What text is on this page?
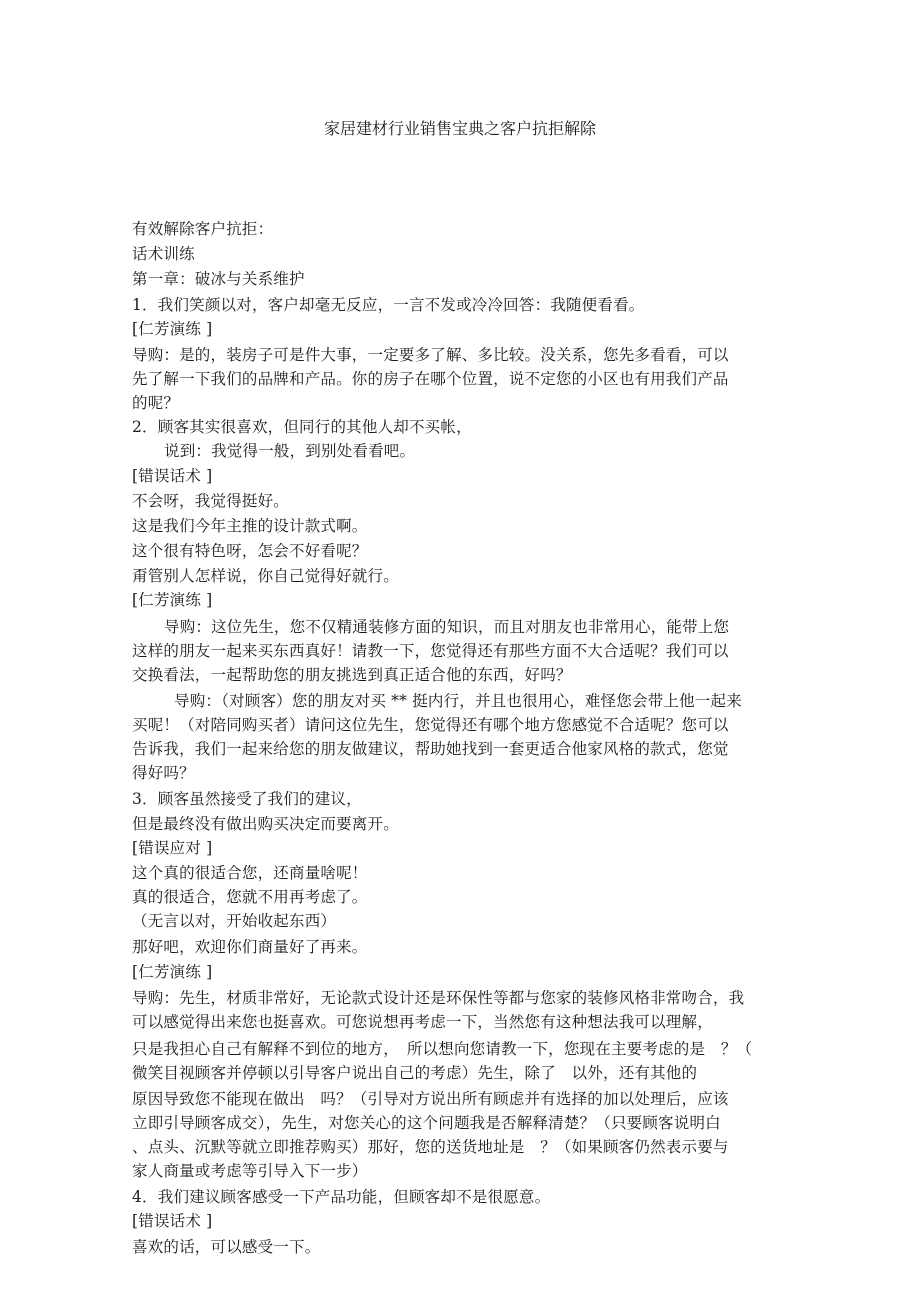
家居建材行业销售宝典之客户抗拒解除
有效解除客户抗拒：
话术训练
第一章：破冰与关系维护
1．我们笑颜以对，客户却毫无反应，一言不发或冷冷回答：我随便看看。
[仁芳演练 ]
导购：是的，装房子可是件大事，一定要多了解、多比较。没关系，您先多看看，可以
先了解一下我们的品牌和产品。你的房子在哪个位置，说不定您的小区也有用我们产品
的呢？
2．顾客其实很喜欢，但同行的其他人却不买帐，
说到：我觉得一般，到别处看看吧。
[错误话术 ]
不会呀，我觉得挺好。
这是我们今年主推的设计款式啊。
这个很有特色呀，怎会不好看呢？
甭管别人怎样说，你自己觉得好就行。
[仁芳演练 ]
导购：这位先生，您不仅精通装修方面的知识，而且对朋友也非常用心，能带上您
这样的朋友一起来买东西真好！请教一下，您觉得还有那些方面不大合适呢？我们可以
交换看法，一起帮助您的朋友挑选到真正适合他的东西，好吗？
导购：（对顾客）您的朋友对买 ** 挺内行，并且也很用心，难怪您会带上他一起来
买呢！（对陪同购买者）请问这位先生，您觉得还有哪个地方您感觉不合适呢？您可以
告诉我，我们一起来给您的朋友做建议，帮助她找到一套更适合他家风格的款式，您觉
得好吗？
3．顾客虽然接受了我们的建议，
但是最终没有做出购买决定而要离开。
[错误应对 ]
这个真的很适合您，还商量啥呢！
真的很适合，您就不用再考虑了。
（无言以对，开始收起东西）
那好吧，欢迎你们商量好了再来。
[仁芳演练 ]
导购：先生，材质非常好，无论款式设计还是环保性等都与您家的装修风格非常吻合，我
可以感觉得出来您也挺喜欢。可您说想再考虑一下，当然您有这种想法我可以理解，
只是我担心自己有解释不到位的地方，　所以想向您请教一下，您现在主要考虑的是　？（
微笑目视顾客并停顿以引导客户说出自己的考虑）先生，除了　以外，还有其他的
原因导致您不能现在做出　吗？（引导对方说出所有顾虑并有选择的加以处理后，应该
立即引导顾客成交），先生，对您关心的这个问题我是否解释清楚？（只要顾客说明白
、点头、沉默等就立即推荐购买）那好，您的送货地址是　？（如果顾客仍然表示要与
家人商量或考虑等引导入下一步）
4．我们建议顾客感受一下产品功能，但顾客却不是很愿意。
[错误话术 ]
喜欢的话，可以感受一下。
